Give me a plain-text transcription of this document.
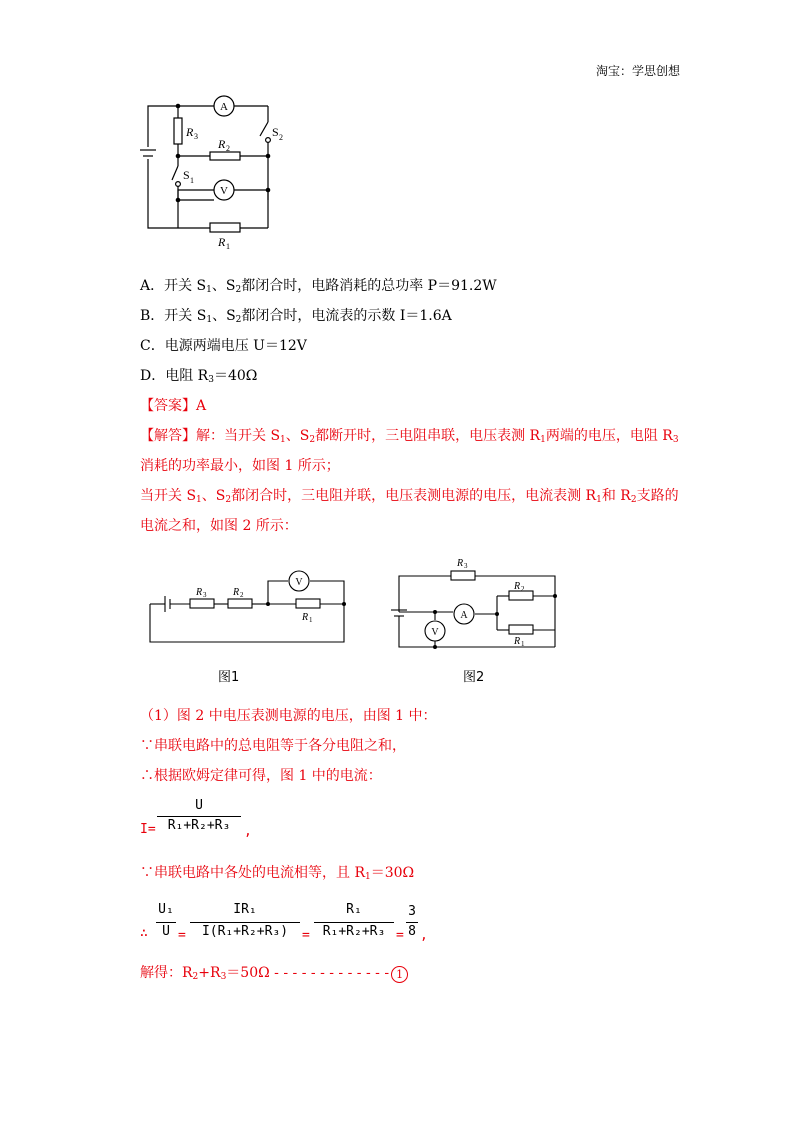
淘宝：学思创想
A
V
R 3
R 2
S 2
S 1
R 1
A．开关 $S_1$、$S_2$都闭合时，电路消耗的总功率 P＝91.2W
B．开关 $S_1$、$S_2$都闭合时，电流表的示数 I＝1.6A
C．电源两端电压 U＝12V
D．电阻 $R_3=40\Omega$
【答案】A
【解答】解：当开关 $S_1$、$S_2$都断开时，三电阻串联，电压表测 $R_1$两端的电压，电阻 $R_3$
消耗的功率最小，如图 1 所示；
当开关 $S_1$、$S_2$都闭合时，三电阻并联，电压表测电源的电压，电流表测 $R_1$和 $R_2$支路的
电流之和，如图 2 所示：
V
R 3	R 2
R 1
图1
A
V
R 3
R 2
R 1
图2
（1）图 2 中电压表测电源的电压，由图 1 中：
∵串联电路中的总电阻等于各分电阻之和，
∴根据欧姆定律可得，图 1 中的电流：
I=
U
R₁+R₂+R₃	,
∵串联电路中各处的电流相等，且 $R_1=30\Omega$
∴
U₁
U =
IR₁
I(R₁+R₂+R₃)	=
R₁
R₁+R₂+R₃ =
3
8 ,
解得：$R_2+R_3=50\Omega$ - - - - - - - - - - - - - 1
